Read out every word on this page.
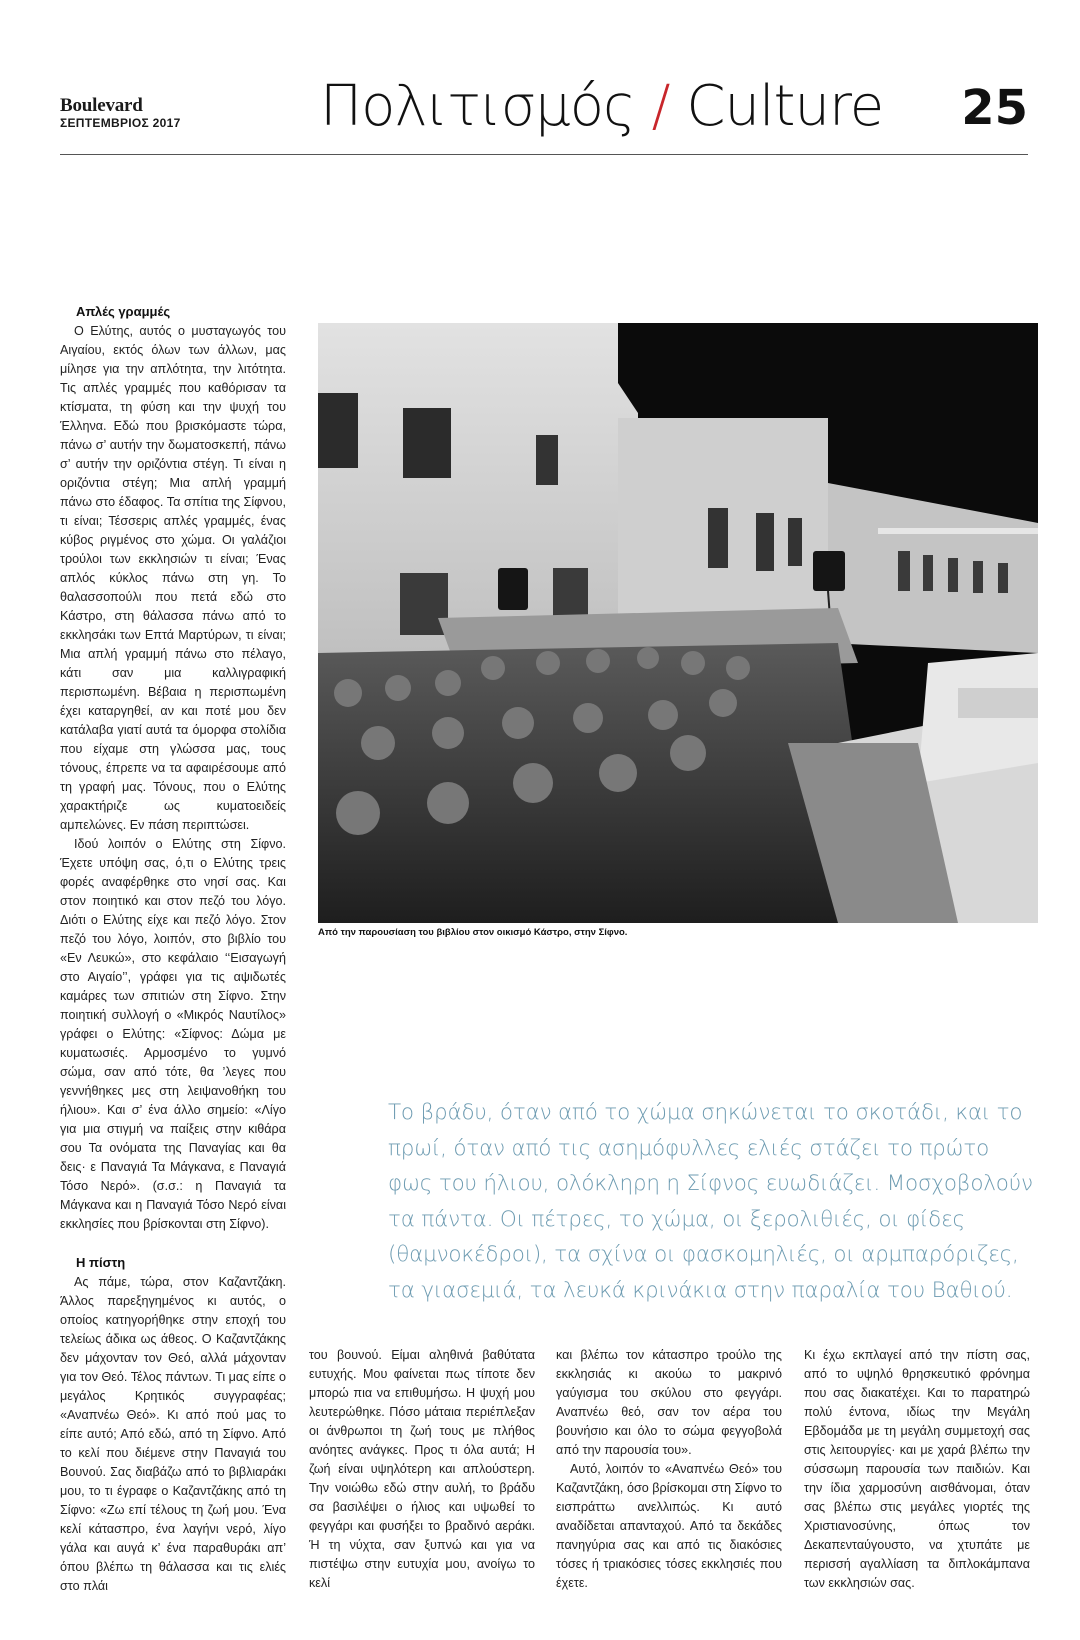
Boulevard
ΣΕΠΤΕΜΒΡΙΟΣ 2017 Πολιτισμός / Culture 25
Απλές γραμμές

Ο Ελύτης, αυτός ο μυσταγωγός του Αιγαίου, εκτός όλων των άλλων, μας μίλησε για την απλότητα, την λιτότητα. Τις απλές γραμμές που καθόρισαν τα κτίσματα, τη φύση και την ψυχή του Έλληνα. Εδώ που βρισκόμαστε τώρα, πάνω σ’ αυτήν την δωματοσκεπή, πάνω σ’ αυτήν την οριζόντια στέγη. Τι είναι η οριζόντια στέγη; Μια απλή γραμμή πάνω στο έδαφος. Τα σπίτια της Σίφνου, τι είναι; Τέσσερις απλές γραμμές, ένας κύβος ριγμένος στο χώμα. Οι γαλάζιοι τρούλοι των εκκλησιών τι είναι; Ένας απλός κύκλος πάνω στη γη. Το θαλασσοπούλι που πετά εδώ στο Κάστρο, στη θάλασσα πάνω από το εκκλησάκι των Επτά Μαρτύρων, τι είναι; Μια απλή γραμμή πάνω στο πέλαγο, κάτι σαν μια καλλιγραφική περισπωμένη. Βέβαια η περισπωμένη έχει καταργηθεί, αν και ποτέ μου δεν κατάλαβα γιατί αυτά τα όμορφα στολίδια που είχαμε στη γλώσσα μας, τους τόνους, έπρεπε να τα αφαιρέσουμε από τη γραφή μας. Τόνους, που ο Ελύτης χαρακτήριζε ως κυματοειδείς αμπελώνες. Εν πάση περιπτώσει.

Ιδού λοιπόν ο Ελύτης στη Σίφνο. Έχετε υπόψη σας, ό,τι ο Ελύτης τρεις φορές αναφέρθηκε στο νησί σας. Και στον ποιητικό και στον πεζό του λόγο. Διότι ο Ελύτης είχε και πεζό λόγο. Στον πεζό του λόγο, λοιπόν, στο βιβλίο του «Εν Λευκώ», στο κεφάλαιο ‘‘Εισαγωγή στο Αιγαίο’’, γράφει για τις αψιδωτές καμάρες των σπιτιών στη Σίφνο. Στην ποιητική συλλογή ο «Μικρός Ναυτίλος» γράφει ο Ελύτης: «Σίφνος: Δώμα με κυματωσιές. Αρμοσμένο το γυμνό σώμα, σαν από τότε, θα ’λεγες που γεννήθηκες μες στη λειψανοθήκη του ήλιου». Και σ’ ένα άλλο σημείο: «Λίγο για μια στιγμή να παίξεις στην κιθάρα σου Τα ονόματα της Παναγίας και θα δεις· ε Παναγιά Τα Μάγκανα, ε Παναγιά Τόσο Νερό». (σ.σ.: η Παναγιά τα Μάγκανα και η Παναγιά Τόσο Νερό είναι εκκλησίες που βρίσκονται στη Σίφνο).

Η πίστη

Ας πάμε, τώρα, στον Καζαντζάκη. Άλλος παρεξηγημένος κι αυτός, ο οποίος κατηγορήθηκε στην εποχή του τελείως άδικα ως άθεος. Ο Καζαντζάκης δεν μάχονταν τον Θεό, αλλά μάχονταν για τον Θεό. Τέλος πάντων. Τι μας είπε ο μεγάλος Κρητικός συγγραφέας; «Αναπνέω Θεό». Κι από πού μας το είπε αυτό; Από εδώ, από τη Σίφνο. Από το κελί που διέμενε στην Παναγιά του Βουνού. Σας διαβάζω από το βιβλιαράκι μου, το τι έγραφε ο Καζαντζάκης από τη Σίφνο: «Ζω επί τέλους τη ζωή μου. Ένα κελί κάτασπρο, ένα λαγήνι νερό, λίγο γάλα και αυγά κ’ ένα παραθυράκι απ’ όπου βλέπω τη θάλασσα και τις ελιές στο πλάι

Από την παρουσίαση του βιβλίου στον οικισμό Κάστρο, στην Σίφνο.
Το βράδυ, όταν από το χώμα σηκώνεται το σκοτάδι, και το πρωί, όταν από τις ασημόφυλλες ελιές στάζει το πρώτο φως του ήλιου, ολόκληρη η Σίφνος ευωδιάζει. Μοσχοβολούν τα πάντα. Οι πέτρες, το χώμα, οι ξερολιθιές, οι φίδες (θαμνοκέδροι), τα σχίνα οι φασκομηλιές, οι αρμπαρόριζες, τα γιασεμιά, τα λευκά κρινάκια στην παραλία του Βαθιού.

του βουνού. Είμαι αληθινά βαθύτατα ευτυχής. Μου φαίνεται πως τίποτε δεν μπορώ πια να επιθυμήσω. Η ψυχή μου λευτερώθηκε. Πόσο μάταια περιέπλεξαν οι άνθρωποι τη ζωή τους με πλήθος ανόητες ανάγκες. Προς τι όλα αυτά; Η ζωή είναι υψηλότερη και απλούστερη. Την νοιώθω εδώ στην αυλή, το βράδυ σα βασιλέψει ο ήλιος και υψωθεί το φεγγάρι και φυσήξει το βραδινό αεράκι. Ή τη νύχτα, σαν ξυπνώ και για να πιστέψω στην ευτυχία μου, ανοίγω το κελί

και βλέπω τον κάτασπρο τρούλο της εκκλησιάς κι ακούω το μακρινό γαύγισμα του σκύλου στο φεγγάρι. Αναπνέω θεό, σαν τον αέρα του βουνήσιο και όλο το σώμα φεγγοβολά από την παρουσία του».

Αυτό, λοιπόν το «Αναπνέω Θεό» του Καζαντζάκη, όσο βρίσκομαι στη Σίφνο το εισπράττω ανελλιπώς. Κι αυτό αναδίδεται απανταχού. Από τα δεκάδες πανηγύρια σας και από τις διακόσιες τόσες ή τριακόσιες τόσες εκκλησιές που έχετε.

Κι έχω εκπλαγεί από την πίστη σας, από το υψηλό θρησκευτικό φρόνημα που σας διακατέχει. Και το παρατηρώ πολύ έντονα, ιδίως την Μεγάλη Εβδομάδα με τη μεγάλη συμμετοχή σας στις λειτουργίες· και με χαρά βλέπω την σύσσωμη παρουσία των παιδιών. Και την ίδια χαρμοσύνη αισθάνομαι, όταν σας βλέπω στις μεγάλες γιορτές της Χριστιανοσύνης, όπως τον Δεκαπενταύγουστο, να χτυπάτε με περισσή αγαλλίαση τα διπλοκάμπανα των εκκλησιών σας.
